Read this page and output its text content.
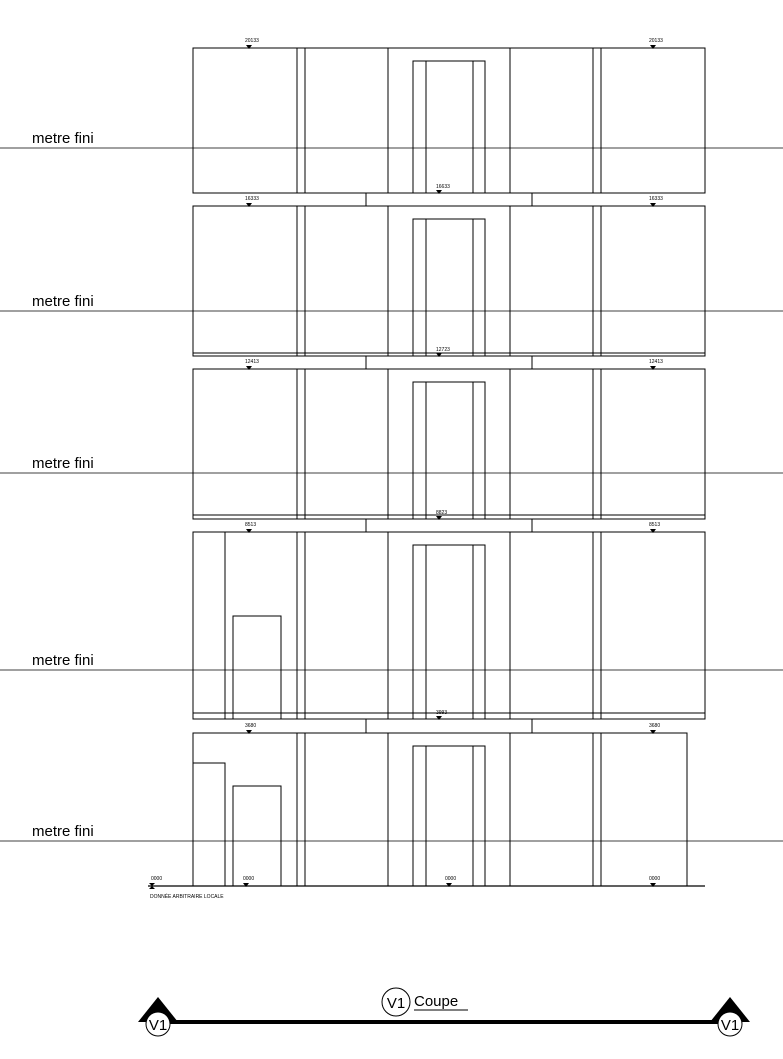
metre fini
metre fini
metre fini
metre fini
metre fini
20133	20133
16633
16333	16333
12723
12413	12413
8823
8513	8513
3993
3680	3680
0000	0000	0000	0000
DONNÉE ARBITRAIRE LOCALE
V1	V1
V1 Coupe
